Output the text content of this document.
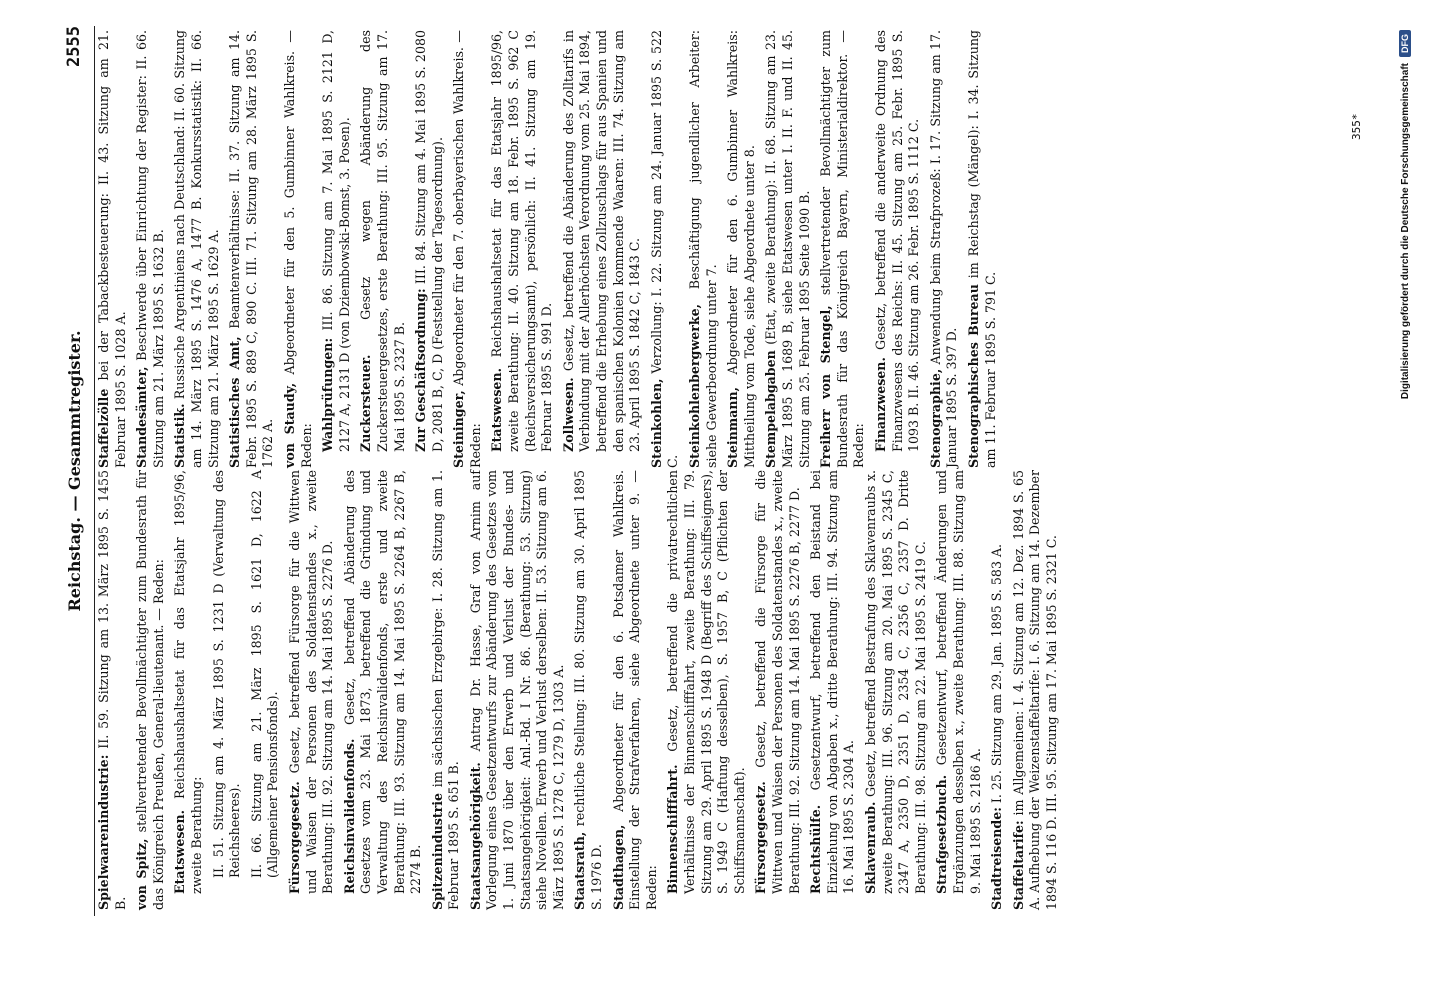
Reichstag. — Gesammtregister.
2555
Spielwaarenindustrie: II. 59. Sitzung am 13. März 1895 S. 1455 B. von Spitz, stellvertretender Bevollmächtigter zum Bundesrath für das Königreich Preußen, General-lieutenant. — Reden: Etatswesen. Reichshaushaltsetat für das Etatsjahr 1895/96, zweite Berathung: II. 51. Sitzung am 4. März 1895 S. 1231 D (Verwaltung des Reichsheeres). II. 66. Sitzung am 21. März 1895 S. 1621 D, 1622 A (Allgemeiner Pensionsfonds). Fürsorgegesetz. Gesetz, betreffend Fürsorge für die Wittwen und Waisen der Personen des Soldatenstandes x., zweite Berathung: III. 92. Sitzung am 14. Mai 1895 S. 2276 D. Reichsinvalidenfonds. Gesetz, betreffend Abänderung des Gesetzes vom 23. Mai 1873, betreffend die Gründung und Verwaltung des Reichsinvalidenfonds, erste und zweite Berathung: III. 93. Sitzung am 14. Mai 1895 S. 2264 B, 2267 B, 2274 B. Spitzenindustrie im sächsischen Erzgebirge: I. 28. Sitzung am 1. Februar 1895 S. 651 B. Staatsangehörigkeit. Antrag Dr. Hasse, Graf von Arnim auf Vorlegung eines Gesetzentwurfs zur Abänderung des Gesetzes vom 1. Juni 1870 über den Erwerb und Verlust der Bundes- und Staatsangehörigkeit: Anl.-Bd. I Nr. 86. (Berathung: 53. Sitzung) siehe Novellen. Erwerb und Verlust derselben: II. 53. Sitzung am 6. März 1895 S. 1278 C, 1279 D, 1303 A. Staatsrath, rechtliche Stellung: III. 80. Sitzung am 30. April 1895 S. 1976 D. Stadthagen, Abgeordneter für den 6. Potsdamer Wahlkreis. Einstellung der Strafverfahren, siehe Abgeordnete unter 9. — Reden: Binnenschifffahrt. Gesetz, betreffend die privatrechtlichen Verhältnisse der Binnenschifffahrt, zweite Berathung: III. 79. Sitzung am 29. April 1895 S. 1948 D (Begriff des Schiffseigners), S. 1949 C (Haftung desselben), S. 1957 B, C (Pflichten der Schiffsmannschaft). Fürsorgegesetz. Gesetz, betreffend die Fürsorge für die Wittwen und Waisen der Personen des Soldatenstandes x., zweite Berathung: III. 92. Sitzung am 14. Mai 1895 S. 2276 B, 2277 D. Rechtshülfe. Gesetzentwurf, betreffend den Beistand bei Einziehung von Abgaben x., dritte Berathung: III. 94. Sitzung am 16. Mai 1895 S. 2304 A. Sklavenraub. Gesetz, betreffend Bestrafung des Sklavenraubs x. zweite Berathung: III. 96. Sitzung am 20. Mai 1895 S. 2345 C, 2347 A, 2350 D, 2351 D, 2354 C, 2356 C, 2357 D. Dritte Berathung: III. 98. Sitzung am 22. Mai 1895 S. 2419 C. Strafgesetzbuch. Gesetzentwurf, betreffend Änderungen und Ergänzungen desselben x., zweite Berathung: III. 88. Sitzung am 9. Mai 1895 S. 2186 A. Stadtreisende: I. 25. Sitzung am 29. Jan. 1895 S. 583 A.
Staffeltarife: im Allgemeinen: I. 4. Sitzung am 12. Dez. 1894 S. 65 A. Aufhebung der Weizenstaffeltarife: I. 6. Sitzung am 14. Dezember 1894 S. 116 D. III. 95. Sitzung am 17. Mai 1895 S. 2321 C.
Staffelzölle bei der Tabackbesteuerung: II. 43. Sitzung am 21. Februar 1895 S. 1028 A. Standesämter, Beschwerde über Einrichtung der Register: II. 66. Sitzung am 21. März 1895 S. 1632 B. Statistik. Russische Argentiniens nach Deutschland: II. 60. Sitzung am 14. März 1895 S. 1476 A, 1477 B. Konkursstatistik: II. 66. Sitzung am 21. März 1895 S. 1629 A. Statistisches Amt, Beamtenverhältnisse: II. 37. Sitzung am 14. Febr. 1895 S. 889 C, 890 C. III. 71. Sitzung am 28. März 1895 S. 1762 A. von Staudy, Abgeordneter für den 5. Gumbinner Wahlkreis. — Reden: Wahlprüfungen: III. 86. Sitzung am 7. Mai 1895 S. 2121 D, 2127 A, 2131 D (von Dziembowski-Bomst, 3. Posen). Zuckersteuer. Gesetz wegen Abänderung des Zuckersteuergesetzes, erste Berathung: III. 95. Sitzung am 17. Mai 1895 S. 2327 B. Zur Geschäftsordnung: III. 84. Sitzung am 4. Mai 1895 S. 2080 D, 2081 B, C, D (Feststellung der Tagesordnung). Steininger, Abgeordneter für den 7. oberbayerischen Wahlkreis. — Reden: Etatswesen. Reichshaushaltsetat für das Etatsjahr 1895/96, zweite Berathung: II. 40. Sitzung am 18. Febr. 1895 S. 962 C (Reichsversicherungsamt), persönlich: II. 41. Sitzung am 19. Februar 1895 S. 991 D. Zollwesen. Gesetz, betreffend die Abänderung des Zolltarifs in Verbindung mit der Allerhöchsten Verordnung vom 25. Mai 1894, betreffend die Erhebung eines Zollzuschlags für aus Spanien und den spanischen Kolonien kommende Waaren: III. 74. Sitzung am 23. April 1895 S. 1842 C, 1843 C. Steinkohlen, Verzollung: I. 22. Sitzung am 24. Januar 1895 S. 522 C. Steinkohlenbergwerke, Beschäftigung jugendlicher Arbeiter: siehe Gewerbeordnung unter 7. Steinmann, Abgeordneter für den 6. Gumbinner Wahlkreis: Mittheilung vom Tode, siehe Abgeordnete unter 8. Stempelabgaben (Etat, zweite Berathung): II. 68. Sitzung am 23. März 1895 S. 1689 B, siehe Etatswesen unter I. II. F. und II. 45. Sitzung am 25. Februar 1895 Seite 1090 B. Freiherr von Stengel, stellvertretender Bevollmächtigter zum Bundesrath für das Königreich Bayern, Ministerialdirektor. — Reden: Finanzwesen. Gesetz, betreffend die anderweite Ordnung des Finanzwesens des Reichs: II. 45. Sitzung am 25. Febr. 1895 S. 1093 B. II. 46. Sitzung am 26. Febr. 1895 S. 1112 C. Stenographie, Anwendung beim Strafprozeß: I. 17. Sitzung am 17. Januar 1895 S. 397 D. Stenographisches Bureau im Reichstag (Mängel): I. 34. Sitzung am 11. Februar 1895 S. 791 C.
355*	Digitalisierung gefördert durch die Deutsche Forschungsgemeinschaft
DFG
